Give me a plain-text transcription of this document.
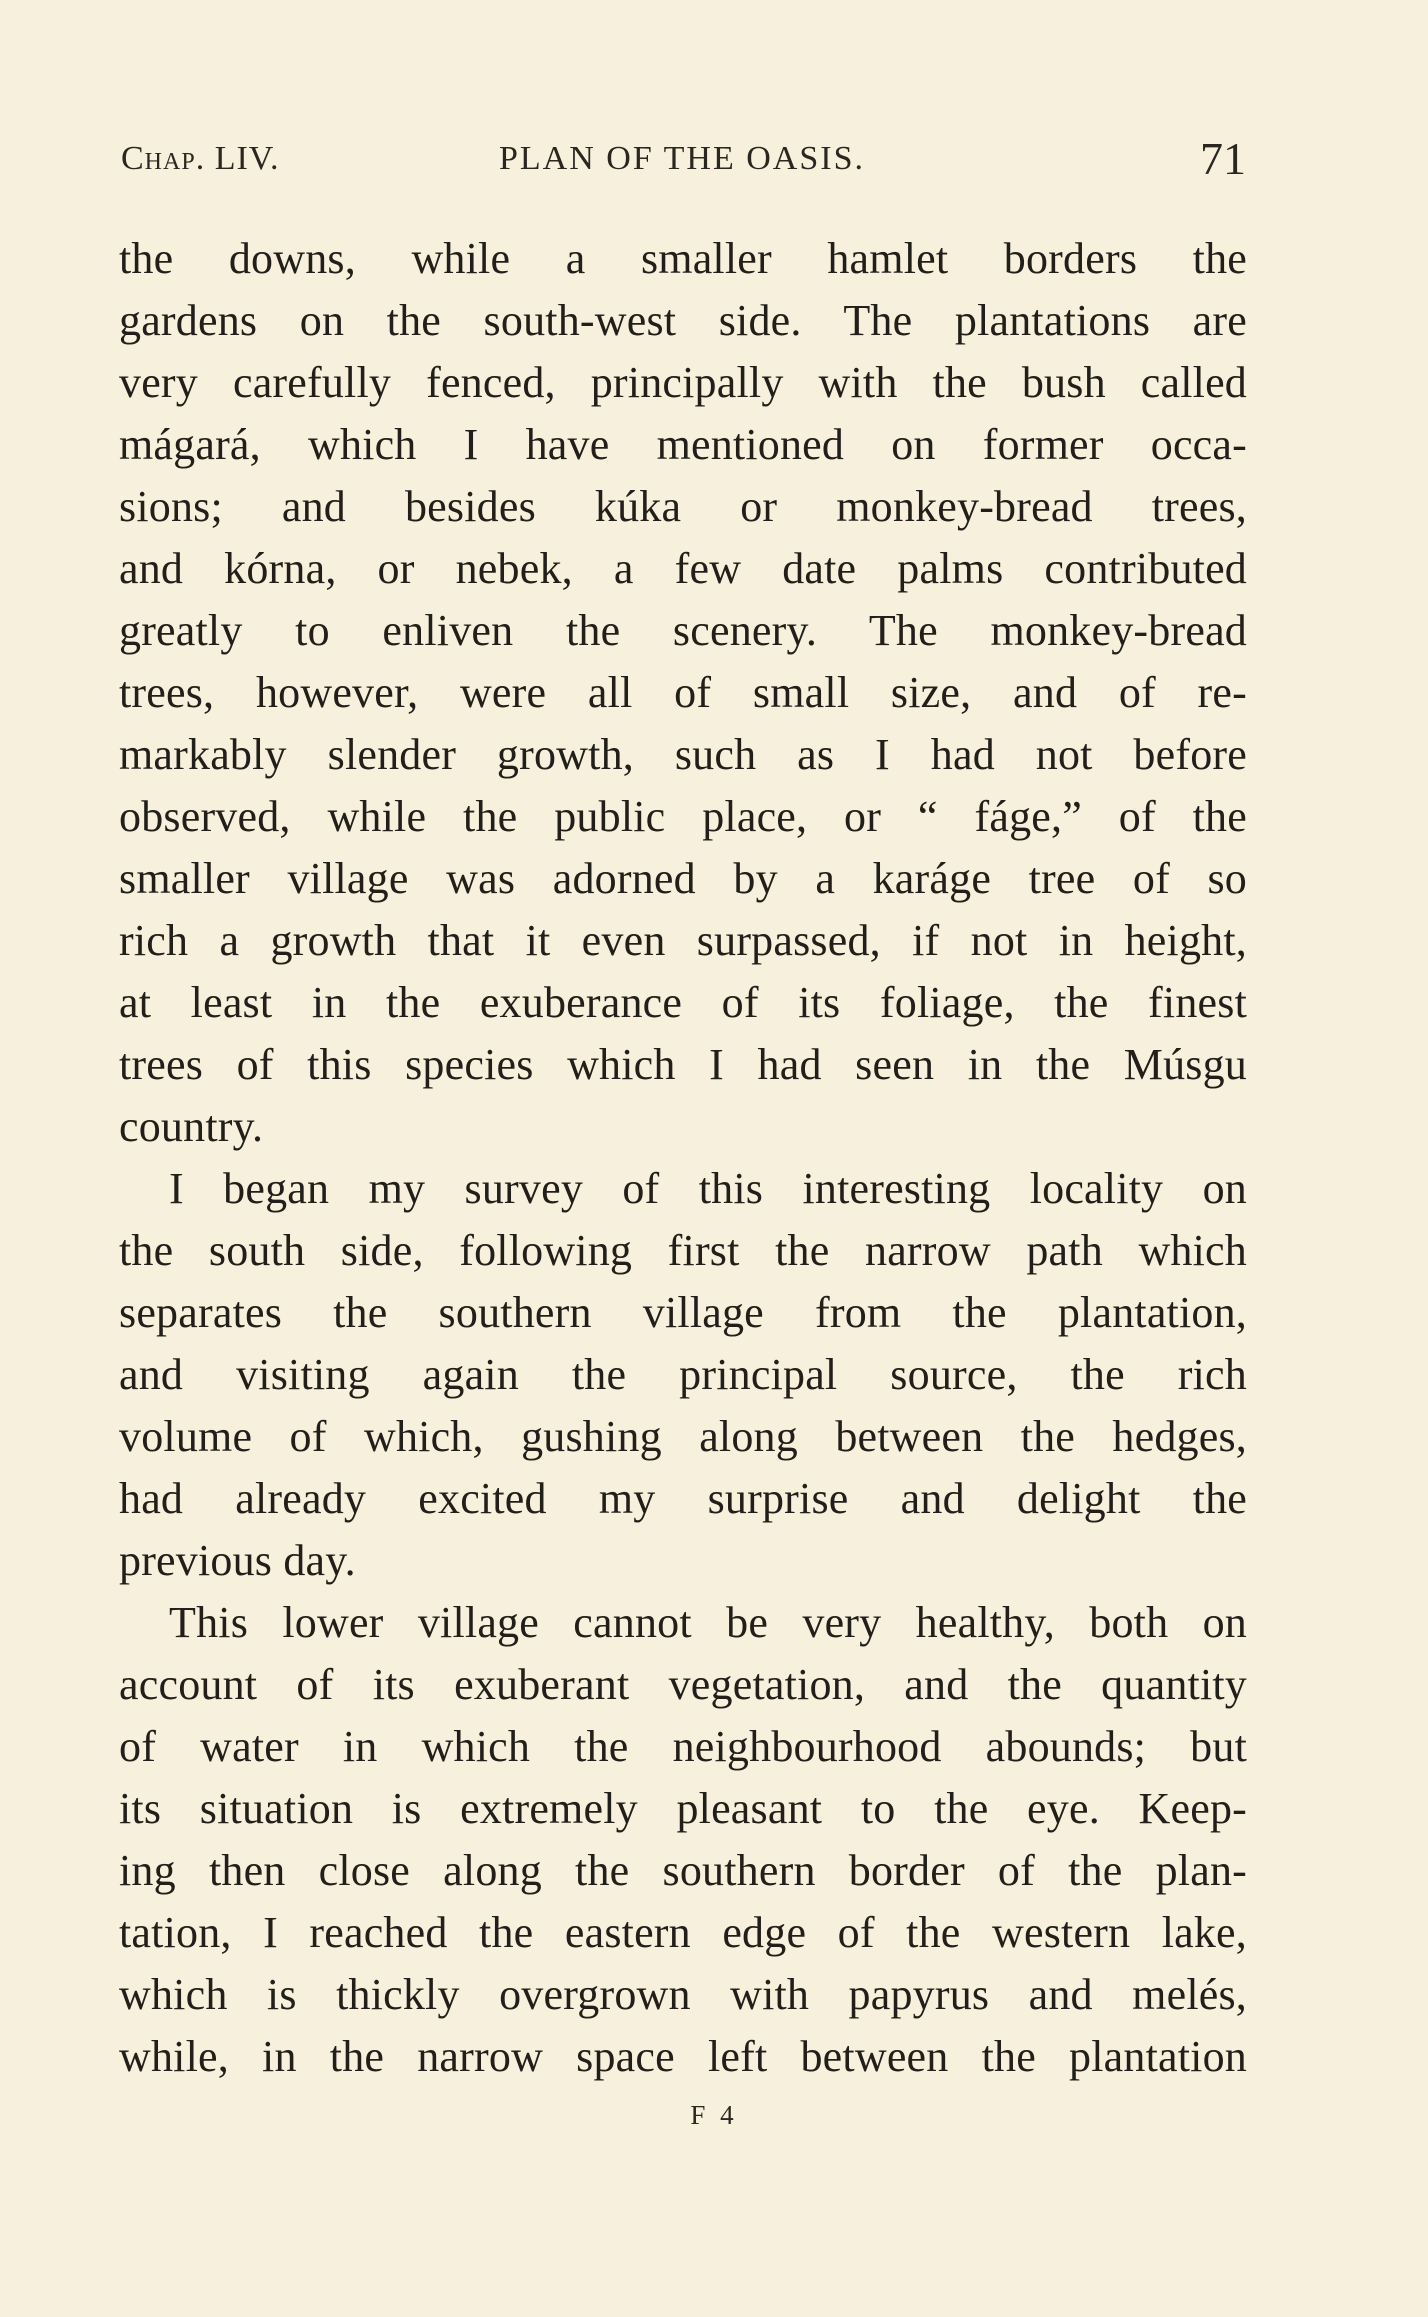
Chap. LIV.	PLAN OF THE OASIS.	71
the downs, while a smaller hamlet borders the
gardens on the south-west side. The plantations are
very carefully fenced, principally with the bush called
mágará, which I have mentioned on former occa-
sions; and besides kúka or monkey-bread trees,
and kórna, or nebek, a few date palms contributed
greatly to enliven the scenery. The monkey-bread
trees, however, were all of small size, and of re-
markably slender growth, such as I had not before
observed, while the public place, or “ fáge,” of the
smaller village was adorned by a karáge tree of so
rich a growth that it even surpassed, if not in height,
at least in the exuberance of its foliage, the finest
trees of this species which I had seen in the Músgu
country.
I began my survey of this interesting locality on
the south side, following first the narrow path which
separates the southern village from the plantation,
and visiting again the principal source, the rich
volume of which, gushing along between the hedges,
had already excited my surprise and delight the
previous day.
This lower village cannot be very healthy, both on
account of its exuberant vegetation, and the quantity
of water in which the neighbourhood abounds; but
its situation is extremely pleasant to the eye. Keep-
ing then close along the southern border of the plan-
tation, I reached the eastern edge of the western lake,
which is thickly overgrown with papyrus and melés,
while, in the narrow space left between the plantation
F 4
